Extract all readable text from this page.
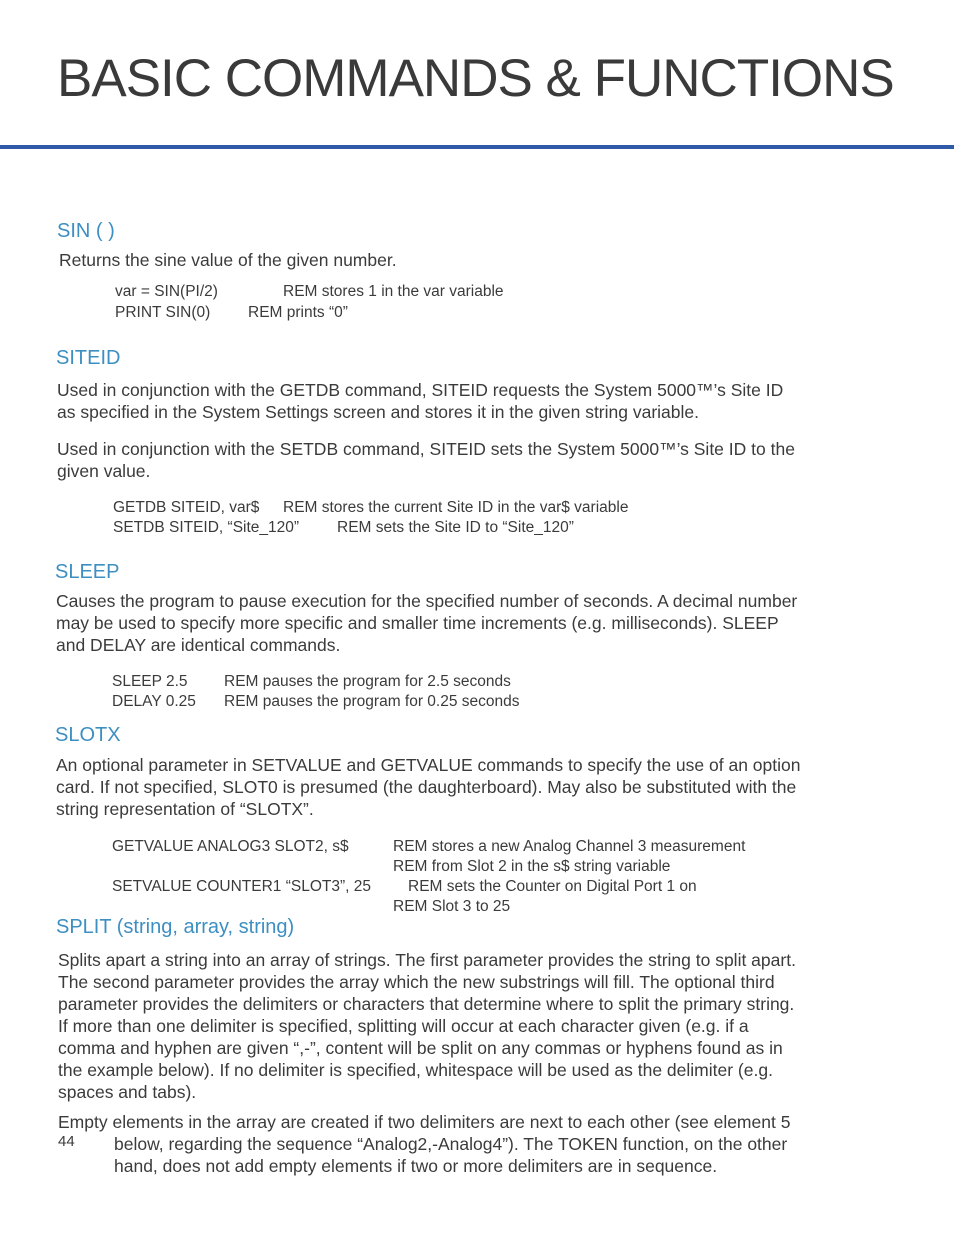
BASIC COMMANDS & FUNCTIONS
SIN ( )
Returns the sine value of the given number.
var = SIN(PI/2)	REM stores 1 in the var variable
PRINT SIN(0) REM prints “0”
SITEID
Used in conjunction with the GETDB command, SITEID requests the System 5000™’s Site ID
as specified in the System Settings screen and stores it in the given string variable.
Used in conjunction with the SETDB command, SITEID sets the System 5000™’s Site ID to the
given value.
GETDB SITEID, var$ REM stores the current Site ID in the var$ variable
SETDB SITEID, “Site_120” REM sets the Site ID to “Site_120”
SLEEP
Causes the program to pause execution for the specified number of seconds. A decimal number
may be used to specify more specific and smaller time increments (e.g. milliseconds). SLEEP
and DELAY are identical commands.
SLEEP 2.5 REM pauses the program for 2.5 seconds
DELAY 0.25 REM pauses the program for 0.25 seconds
SLOTX
An optional parameter in SETVALUE and GETVALUE commands to specify the use of an option
card. If not specified, SLOT0 is presumed (the daughterboard). May also be substituted with the
string representation of “SLOTX”.
GETVALUE ANALOG3 SLOT2, s$	REM stores a new Analog Channel 3 measurement
REM from Slot 2 in the s$ string variable
SETVALUE COUNTER1 “SLOT3”, 25 REM sets the Counter on Digital Port 1 on
REM Slot 3 to 25
SPLIT (string, array, string)
Splits apart a string into an array of strings. The first parameter provides the string to split apart.
The second parameter provides the array which the new substrings will fill. The optional third
parameter provides the delimiters or characters that determine where to split the primary string.
If more than one delimiter is specified, splitting will occur at each character given (e.g. if a
comma and hyphen are given “,-”, content will be split on any commas or hyphens found as in
the example below). If no delimiter is specified, whitespace will be used as the delimiter (e.g.
spaces and tabs).
Empty elements in the array are created if two delimiters are next to each other (see element 5
below, regarding the sequence “Analog2,-Analog4”). The TOKEN function, on the other
hand, does not add empty elements if two or more delimiters are in sequence.
44
